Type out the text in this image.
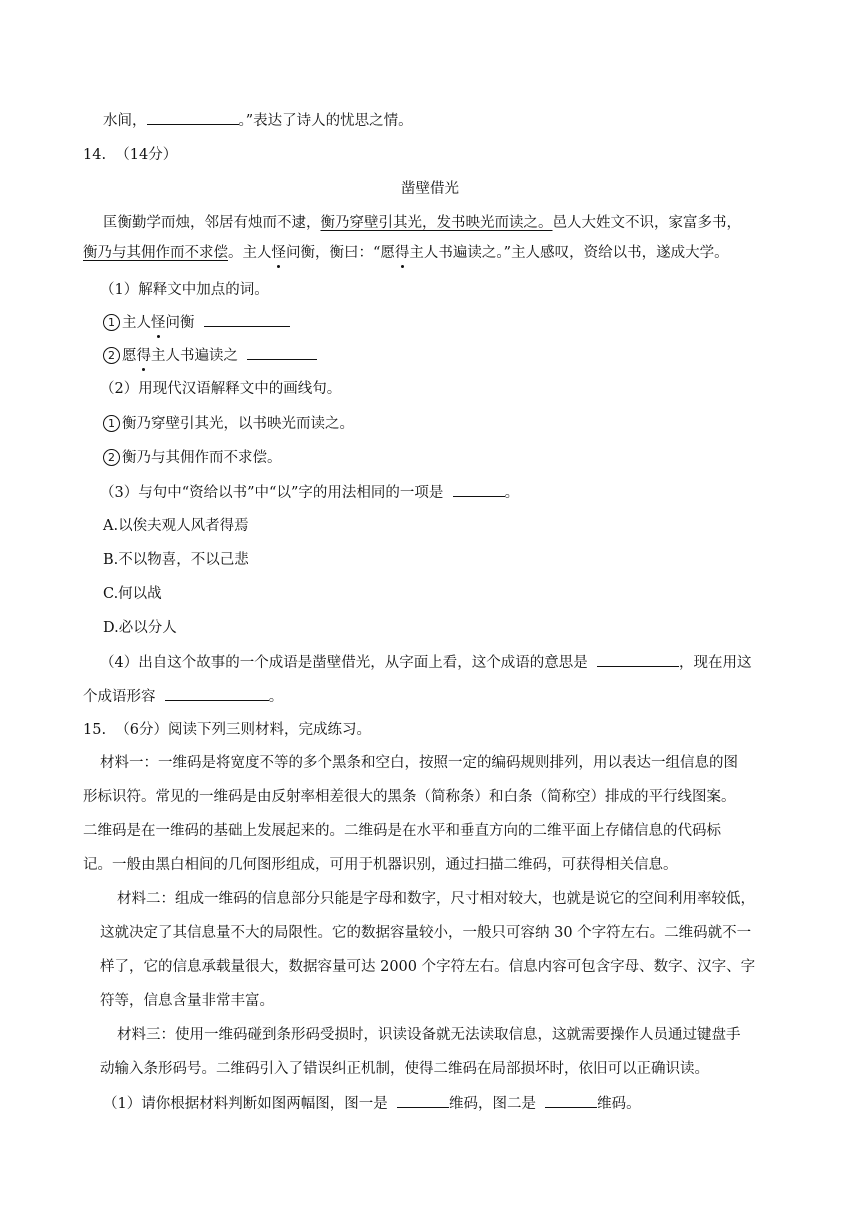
水间，	。”表达了诗人的忧思之情。
14. （14分）
凿壁借光
匡衡勤学而烛，邻居有烛而不逮，衡乃穿壁引其光，发书映光而读之。邑人大姓文不识，家富多书，
衡乃与其佣作而不求偿。主人怪问衡，衡曰：“愿得主人书遍读之。”主人感叹，资给以书，遂成大学。
（1）解释文中加点的词。
1 主人怪问衡
2 愿得主人书遍读之
（2）用现代汉语解释文中的画线句。
1 衡乃穿壁引其光，以书映光而读之。
2 衡乃与其佣作而不求偿。
（3）与句中“资给以书”中“以”字的用法相同的一项是	。
A.以俟夫观人风者得焉
B.不以物喜，不以己悲
C.何以战
D.必以分人
（4）出自这个故事的一个成语是凿壁借光，从字面上看，这个成语的意思是	，现在用这
个成语形容	。
15. （6分）阅读下列三则材料，完成练习。
材料一：一维码是将宽度不等的多个黑条和空白，按照一定的编码规则排列，用以表达一组信息的图
形标识符。常见的一维码是由反射率相差很大的黑条（简称条）和白条（简称空）排成的平行线图案。
二维码是在一维码的基础上发展起来的。二维码是在水平和垂直方向的二维平面上存储信息的代码标
记。一般由黑白相间的几何图形组成，可用于机器识别，通过扫描二维码，可获得相关信息。
材料二：组成一维码的信息部分只能是字母和数字，尺寸相对较大，也就是说它的空间利用率较低，
这就决定了其信息量不大的局限性。它的数据容量较小，一般只可容纳 30 个字符左右。二维码就不一
样了，它的信息承载量很大，数据容量可达 2000 个字符左右。信息内容可包含字母、数字、汉字、字
符等，信息含量非常丰富。
材料三：使用一维码碰到条形码受损时，识读设备就无法读取信息，这就需要操作人员通过键盘手
动输入条形码号。二维码引入了错误纠正机制，使得二维码在局部损坏时，依旧可以正确识读。
（1）请你根据材料判断如图两幅图，图一是	维码，图二是	维码。
